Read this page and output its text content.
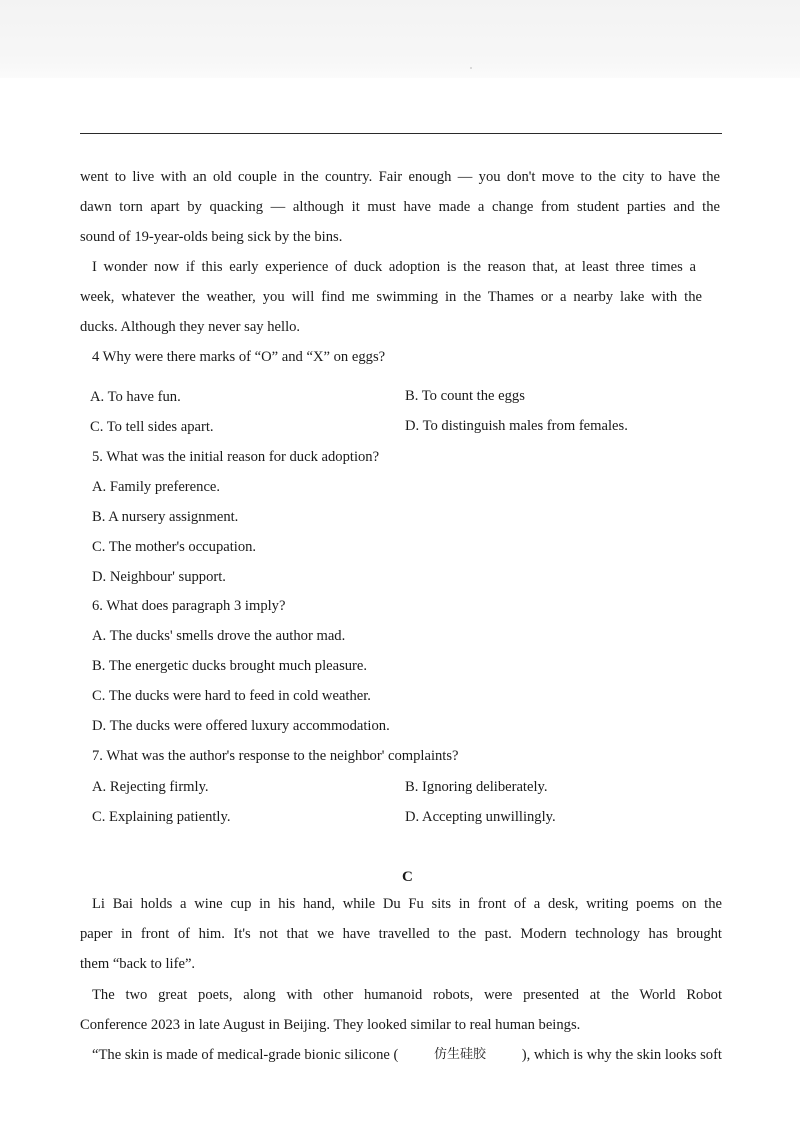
went to live with an old couple in the country. Fair enough — you don't move to the city to have the
dawn torn apart by quacking — although it must have made a change from student parties and the
sound of 19-year-olds being sick by the bins.
I wonder now if this early experience of duck adoption is the reason that, at least three times a
week, whatever the weather, you will find me swimming in the Thames or a nearby lake with the
ducks. Although they never say hello.
4 Why were there marks of “O” and “X” on eggs?
A. To have fun.	B. To count the eggs
C. To tell sides apart.	D. To distinguish males from females.
5. What was the initial reason for duck adoption?
A. Family preference.
B. A nursery assignment.
C. The mother's occupation.
D. Neighbour' support.
6. What does paragraph 3 imply?
A. The ducks' smells drove the author mad.
B. The energetic ducks brought much pleasure.
C. The ducks were hard to feed in cold weather.
D. The ducks were offered luxury accommodation.
7. What was the author's response to the neighbor' complaints?
A. Rejecting firmly.	B. Ignoring deliberately.
C. Explaining patiently.	D. Accepting unwillingly.
C
Li Bai holds a wine cup in his hand, while Du Fu sits in front of a desk, writing poems on the
paper in front of him. It's not that we have travelled to the past. Modern technology has brought
them “back to life”.
The two great poets, along with other humanoid robots, were presented at the World Robot
Conference 2023 in late August in Beijing. They looked similar to real human beings.
“The skin is made of medical-grade bionic silicone (	仿生硅胶 ), which is why the skin looks soft
